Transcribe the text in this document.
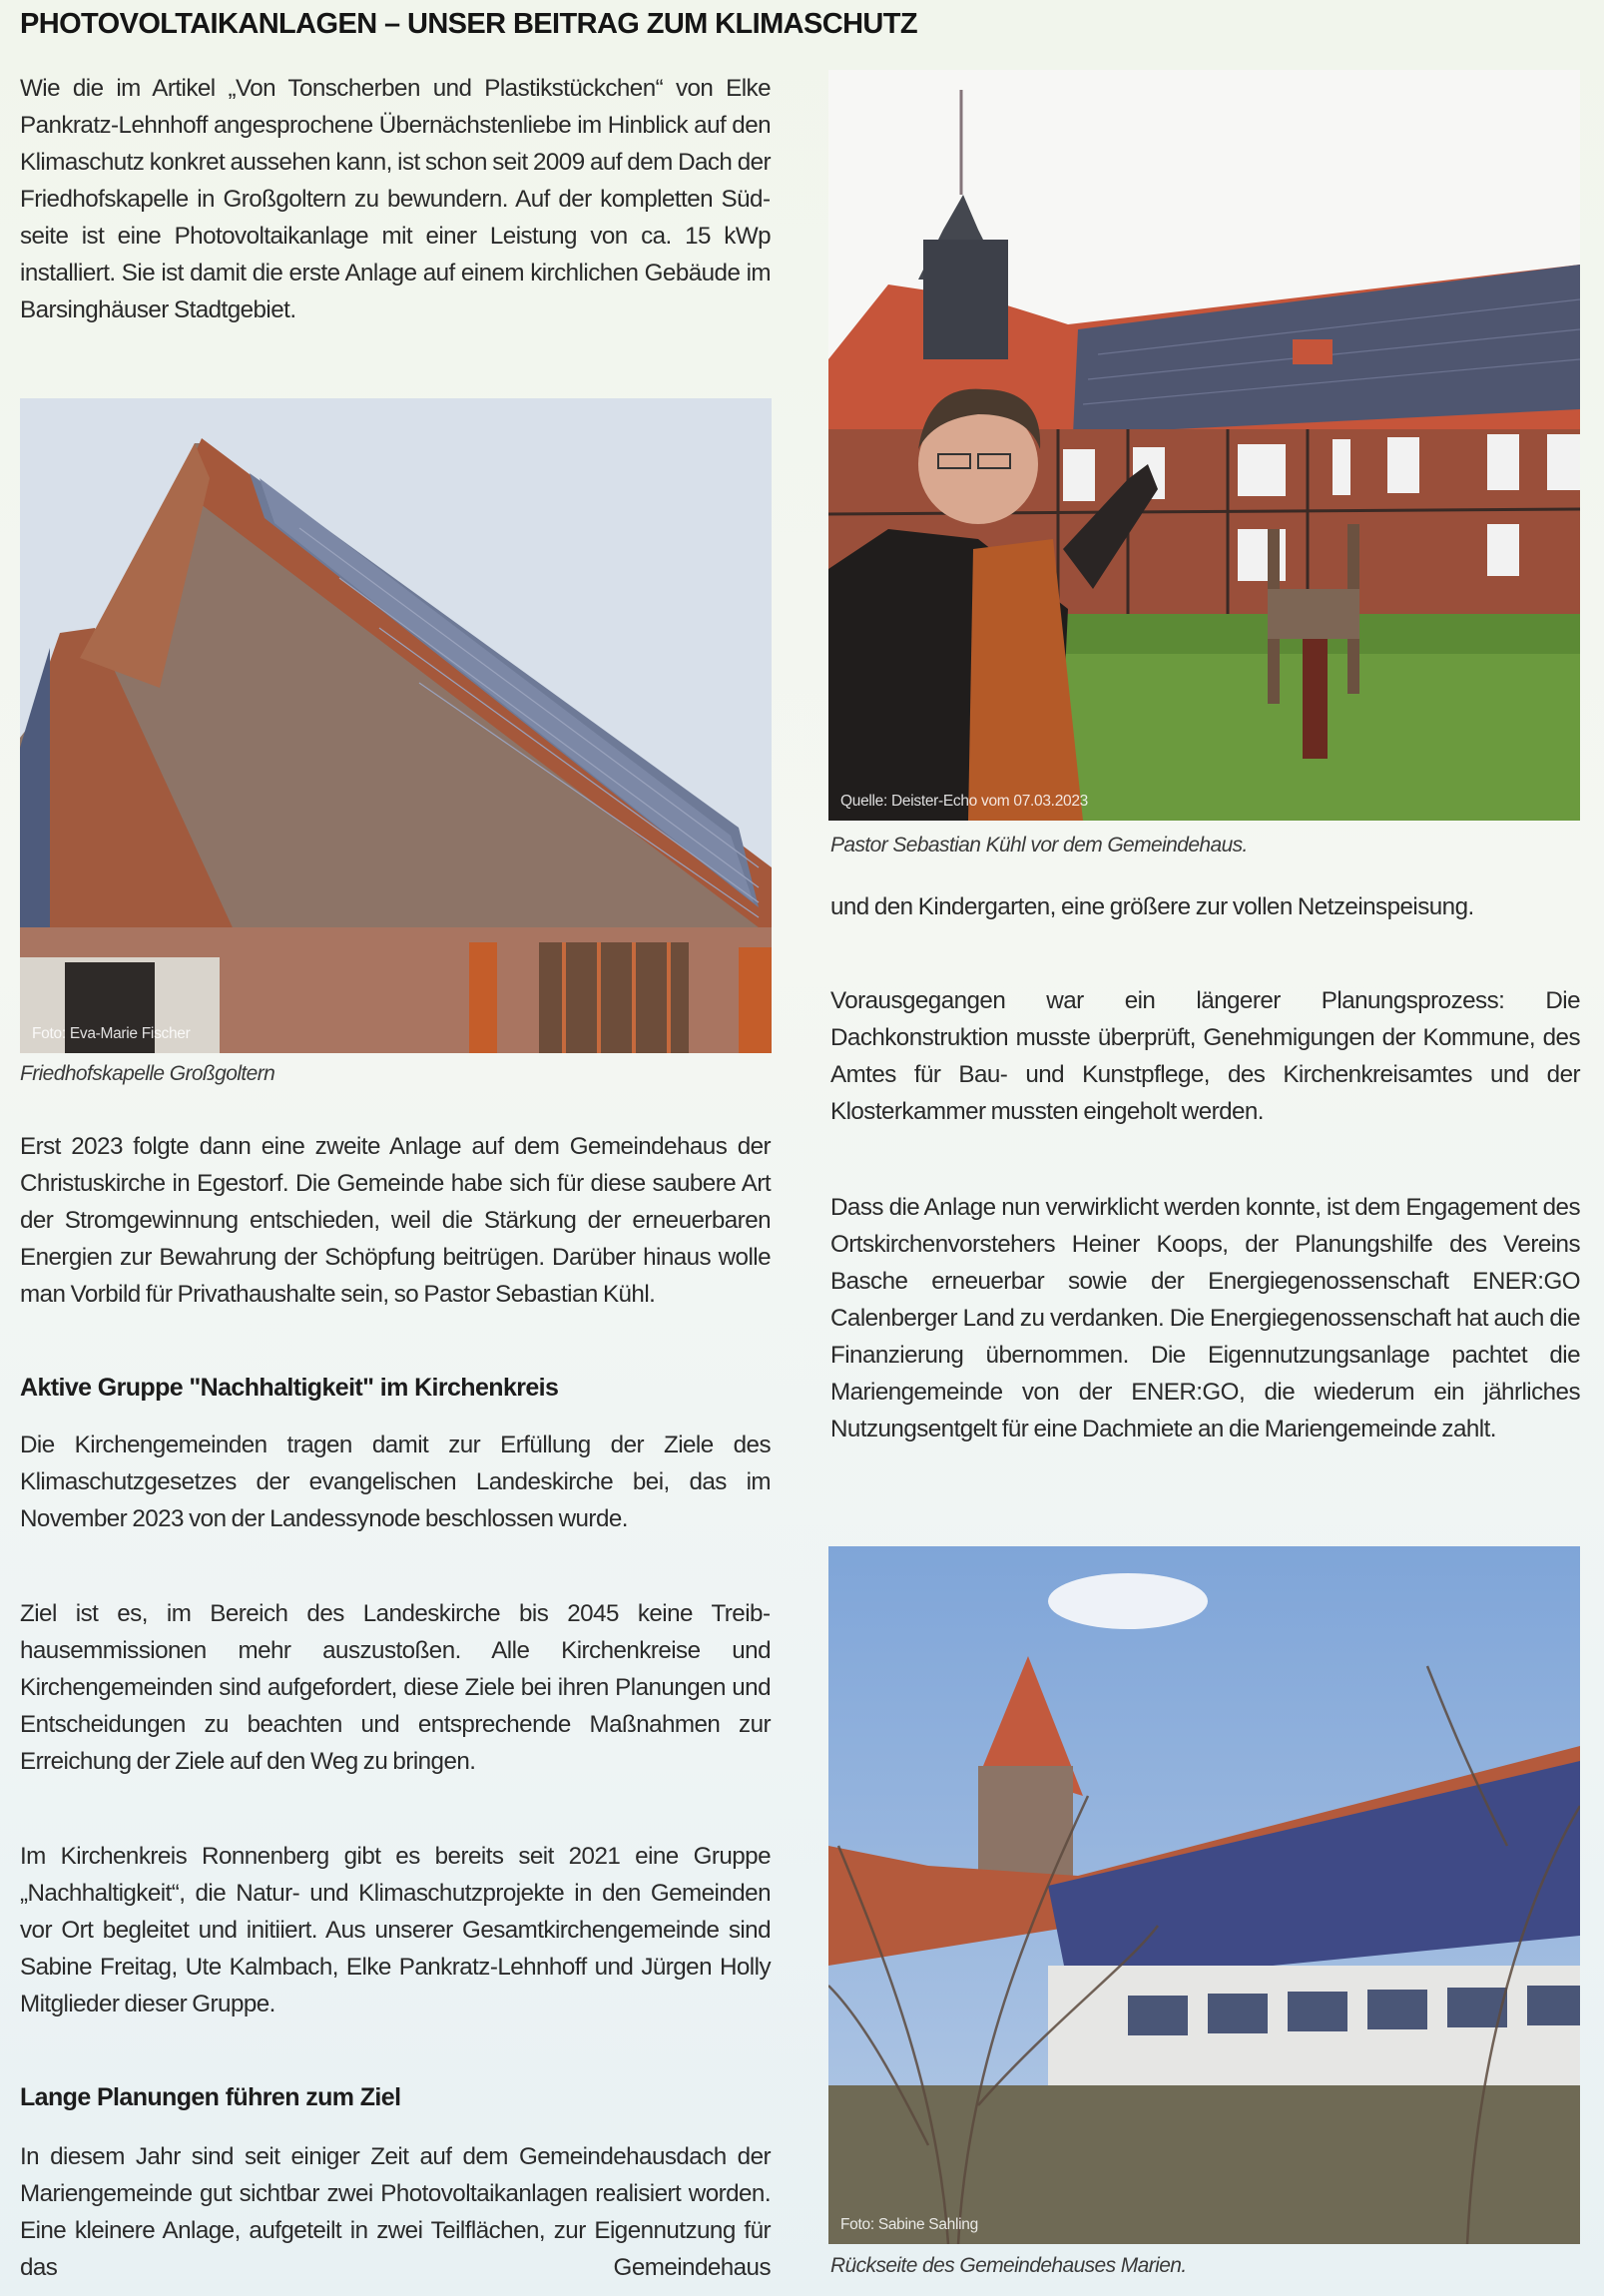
PHOTOVOLTAIKANLAGEN – UNSER BEITRAG ZUM KLIMASCHUTZ

Wie die im Artikel „Von Tonscherben und Plastikstückchen“ von Elke Pankratz-Lehnhoff angesprochene Übernächstenliebe im Hinblick auf den Klimaschutz konkret aussehen kann, ist schon seit 2009 auf dem Dach der Friedhofskapelle in Großgoltern zu bewundern. Auf der kompletten Südseite ist eine Photovoltaikanlage mit einer Leistung von ca. 15 kWp installiert. Sie ist damit die erste Anlage auf einem kirchlichen Gebäude im Barsinghäuser Stadtgebiet.

Foto: Eva-Marie Fischer

Friedhofskapelle Großgoltern

Erst 2023 folgte dann eine zweite Anlage auf dem Gemeindehaus der Christuskirche in Egestorf. Die Gemeinde habe sich für diese saubere Art der Stromgewinnung entschieden, weil die Stärkung der erneuerbaren Energien zur Bewahrung der Schöpfung beitrügen. Darüber hinaus wolle man Vorbild für Privathaushalte sein, so Pastor Sebastian Kühl.

Aktive Gruppe "Nachhaltigkeit" im Kirchenkreis

Die Kirchengemeinden tragen damit zur Erfüllung der Ziele des Klimaschutzgesetzes der evangelischen Landeskirche bei, das im November 2023 von der Landessynode beschlossen wurde.

Ziel ist es, im Bereich des Landeskirche bis 2045 keine Treibhausemmissionen mehr auszustoßen. Alle Kirchenkreise und Kirchengemeinden sind aufgefordert, diese Ziele bei ihren Planungen und Entscheidungen zu beachten und entsprechende Maßnahmen zur Erreichung der Ziele auf den Weg zu bringen.

Im Kirchenkreis Ronnenberg gibt es bereits seit 2021 eine Gruppe „Nachhaltigkeit“, die Natur- und Klimaschutzprojekte in den Gemeinden vor Ort begleitet und initiiert. Aus unserer Gesamtkirchengemeinde sind Sabine Freitag, Ute Kalmbach, Elke Pankratz-Lehnhoff und Jürgen Holly Mitglieder dieser Gruppe.

Lange Planungen führen zum Ziel

In diesem Jahr sind seit einiger Zeit auf dem Gemeindehausdach der Mariengemeinde gut sichtbar zwei Photovoltaikanlagen realisiert worden. Eine kleinere Anlage, aufgeteilt in zwei Teilflächen, zur Eigennutzung für das Gemeindehaus

Quelle: Deister-Echo vom 07.03.2023

Pastor Sebastian Kühl vor dem Gemeindehaus.

und den Kindergarten, eine größere zur vollen Netzeinspeisung.

Vorausgegangen war ein längerer Planungsprozess: Die Dachkonstruktion musste überprüft, Genehmigungen der Kommune, des Amtes für Bau- und Kunstpflege, des Kirchenkreisamtes und der Klosterkammer mussten eingeholt werden.

Dass die Anlage nun verwirklicht werden konnte, ist dem Engagement des Ortskirchenvorstehers Heiner Koops, der Planungshilfe des Vereins Basche erneuerbar sowie der Energiegenossenschaft ENER:GO Calenberger Land zu verdanken. Die Energiegenossenschaft hat auch die Finanzierung übernommen. Die Eigennutzungsanlage pachtet die Mariengemeinde von der ENER:GO, die wiederum ein jährliches Nutzungsentgelt für eine Dachmiete an die Mariengemeinde zahlt.

Foto: Sabine Sahling

Rückseite des Gemeindehauses Marien.
